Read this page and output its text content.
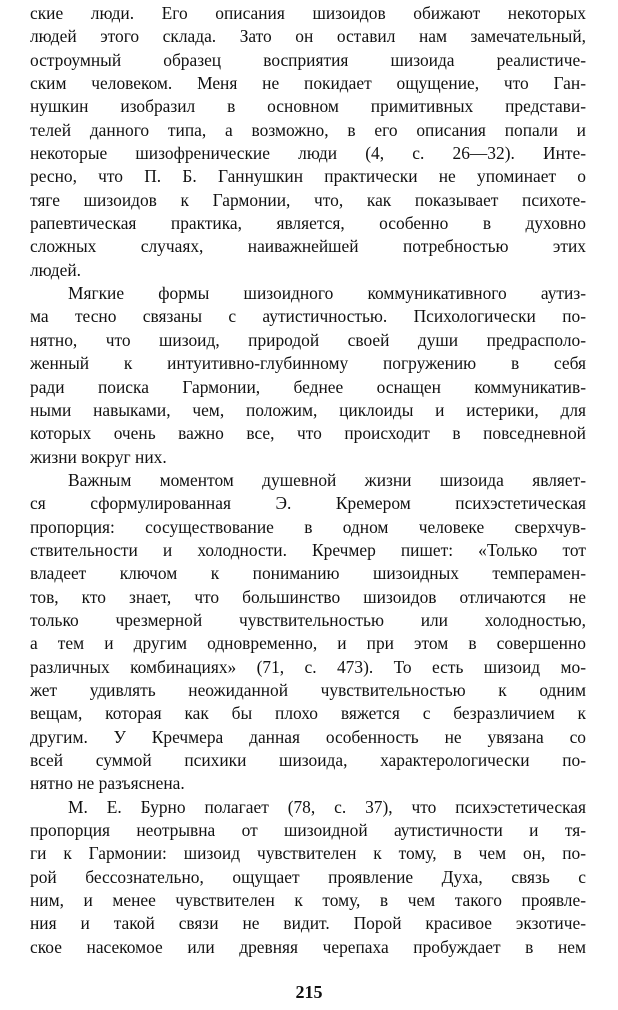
ские люди. Его описания шизоидов обижают некоторых
людей этого склада. Зато он оставил нам замечательный,
остроумный образец восприятия шизоида реалистиче-
ским человеком. Меня не покидает ощущение, что Ган-
нушкин изобразил в основном примитивных представи-
телей данного типа, а возможно, в его описания попали и
некоторые шизофренические люди (4, с. 26—32). Инте-
ресно, что П. Б. Ганнушкин практически не упоминает о
тяге шизоидов к Гармонии, что, как показывает психоте-
рапевтическая практика, является, особенно в духовно
сложных случаях, наиважнейшей потребностью этих
людей.
Мягкие формы шизоидного коммуникативного аутиз-
ма тесно связаны с аутистичностью. Психологически по-
нятно, что шизоид, природой своей души предрасполо-
женный к интуитивно-глубинному погружению в себя
ради поиска Гармонии, беднее оснащен коммуникатив-
ными навыками, чем, положим, циклоиды и истерики, для
которых очень важно все, что происходит в повседневной
жизни вокруг них.
Важным моментом душевной жизни шизоида являет-
ся сформулированная Э. Кремером психэстетическая
пропорция: сосуществование в одном человеке сверхчув-
ствительности и холодности. Кречмер пишет: «Только тот
владеет ключом к пониманию шизоидных темперамен-
тов, кто знает, что большинство шизоидов отличаются не
только чрезмерной чувствительностью или холодностью,
а тем и другим одновременно, и при этом в совершенно
различных комбинациях» (71, с. 473). То есть шизоид мо-
жет удивлять неожиданной чувствительностью к одним
вещам, которая как бы плохо вяжется с безразличием к
другим. У Кречмера данная особенность не увязана со
всей суммой психики шизоида, характерологически по-
нятно не разъяснена.
М. Е. Бурно полагает (78, с. 37), что психэстетическая
пропорция неотрывна от шизоидной аутистичности и тя-
ги к Гармонии: шизоид чувствителен к тому, в чем он, по-
рой бессознательно, ощущает проявление Духа, связь с
ним, и менее чувствителен к тому, в чем такого проявле-
ния и такой связи не видит. Порой красивое экзотиче-
ское насекомое или древняя черепаха пробуждает в нем
215
